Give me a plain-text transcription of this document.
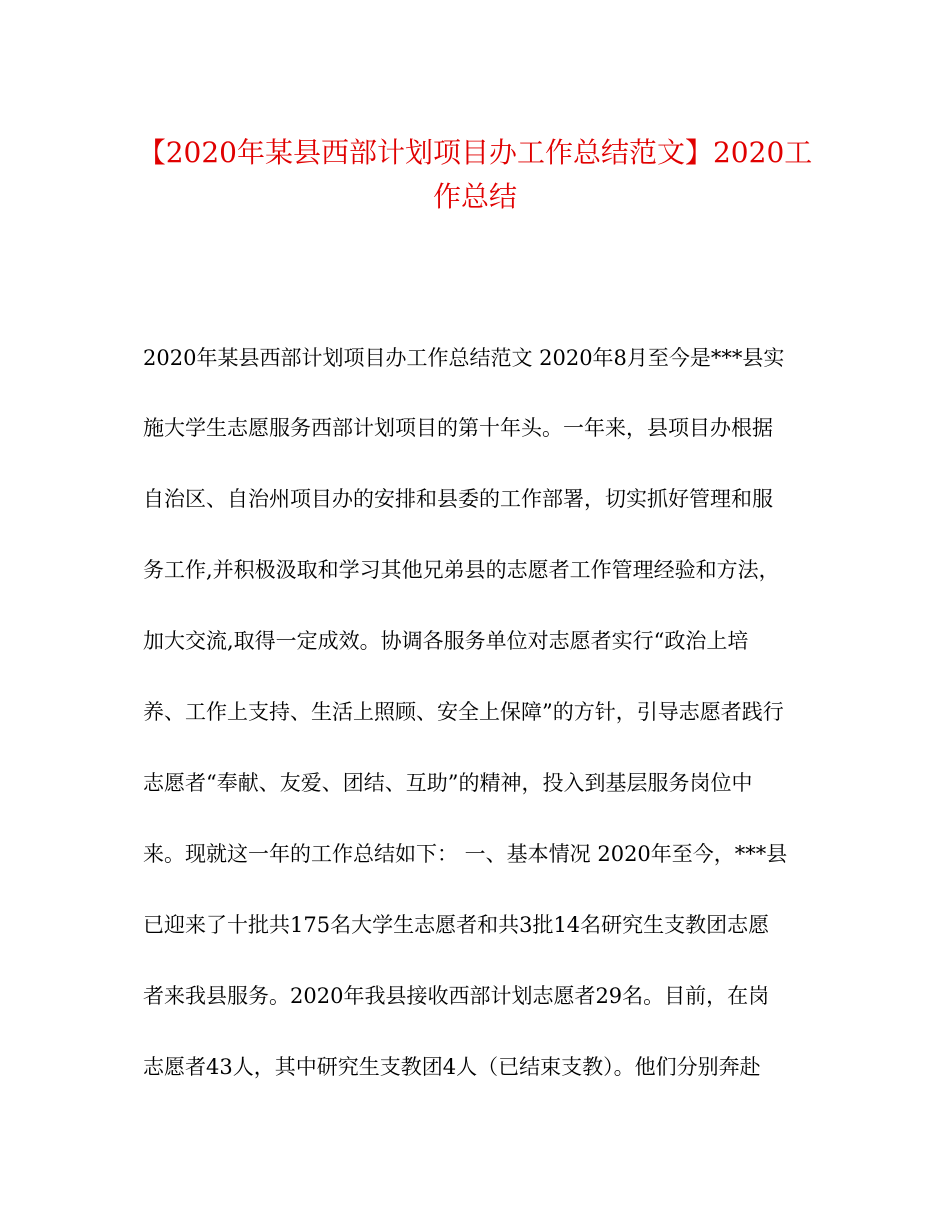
【2020年某县西部计划项目办工作总结范文】2020工
作总结
2020年某县西部计划项目办工作总结范文 2020年8月至今是***县实
施大学生志愿服务西部计划项目的第十年头。一年来，县项目办根据
自治区、自治州项目办的安排和县委的工作部署，切实抓好管理和服
务工作,并积极汲取和学习其他兄弟县的志愿者工作管理经验和方法，
加大交流,取得一定成效。协调各服务单位对志愿者实行“政治上培
养、工作上支持、生活上照顾、安全上保障”的方针，引导志愿者践行
志愿者“奉献、友爱、团结、互助”的精神，投入到基层服务岗位中
来。现就这一年的工作总结如下： 一、基本情况 2020年至今，***县
已迎来了十批共175名大学生志愿者和共3批14名研究生支教团志愿
者来我县服务。2020年我县接收西部计划志愿者29名。目前，在岗
志愿者43人，其中研究生支教团4人（已结束支教）。他们分别奔赴
